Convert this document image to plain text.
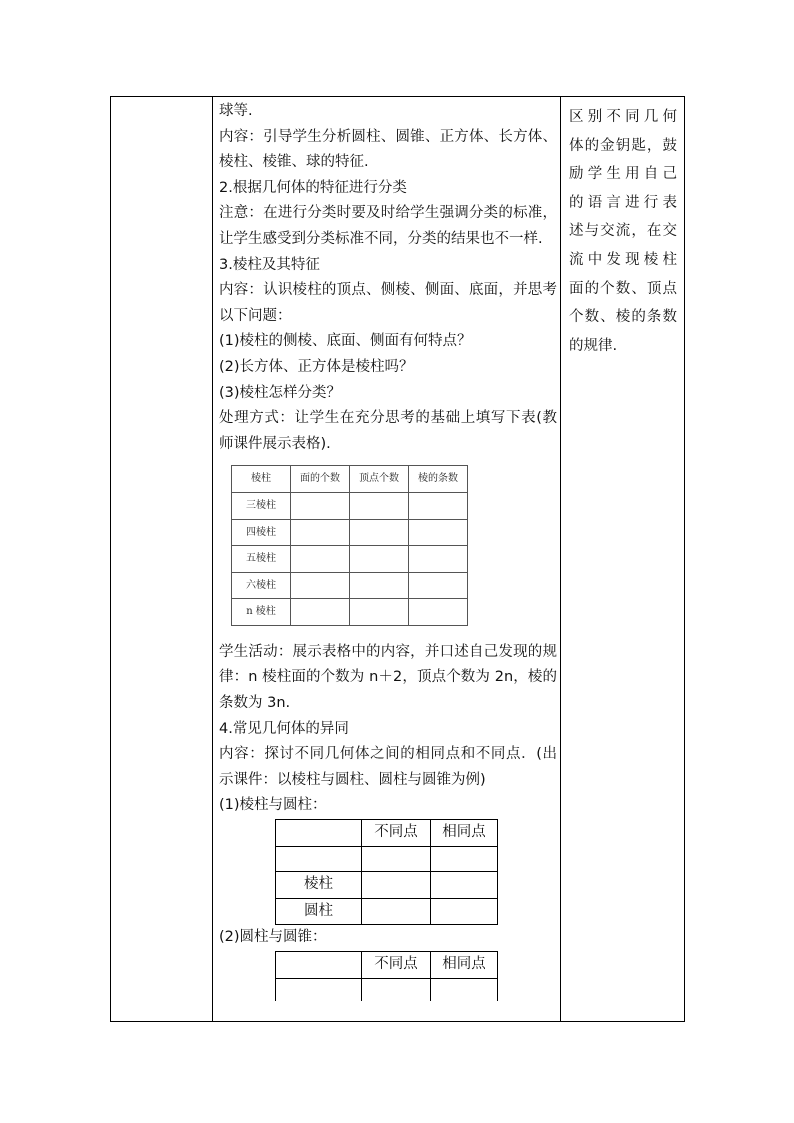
球等.

内容：引导学生分析圆柱、圆锥、正方体、长方体、棱柱、棱锥、球的特征.

2.根据几何体的特征进行分类

注意：在进行分类时要及时给学生强调分类的标准，让学生感受到分类标准不同，分类的结果也不一样.

3.棱柱及其特征

内容：认识棱柱的顶点、侧棱、侧面、底面，并思考以下问题：

(1)棱柱的侧棱、底面、侧面有何特点？

(2)长方体、正方体是棱柱吗？

(3)棱柱怎样分类？

处理方式：让学生在充分思考的基础上填写下表(教师课件展示表格).

棱柱	面的个数	顶点个数	棱的条数
三棱柱			
四棱柱			
五棱柱			
六棱柱			
n 棱柱			

学生活动：展示表格中的内容，并口述自己发现的规律：n 棱柱面的个数为 n＋2，顶点个数为 2n，棱的条数为 3n.

4.常见几何体的异同

内容：探讨不同几何体之间的相同点和不同点．(出示课件：以棱柱与圆柱、圆柱与圆锥为例)

(1)棱柱与圆柱：

	不同点	相同点

棱柱		
圆柱		

(2)圆柱与圆锥：

	不同点	相同点

区别不同几何
体的金钥匙，鼓
励学生用自己
的语言进行表
述与交流，在交
流中发现棱柱
面的个数、顶点
个数、棱的条数
的规律.
